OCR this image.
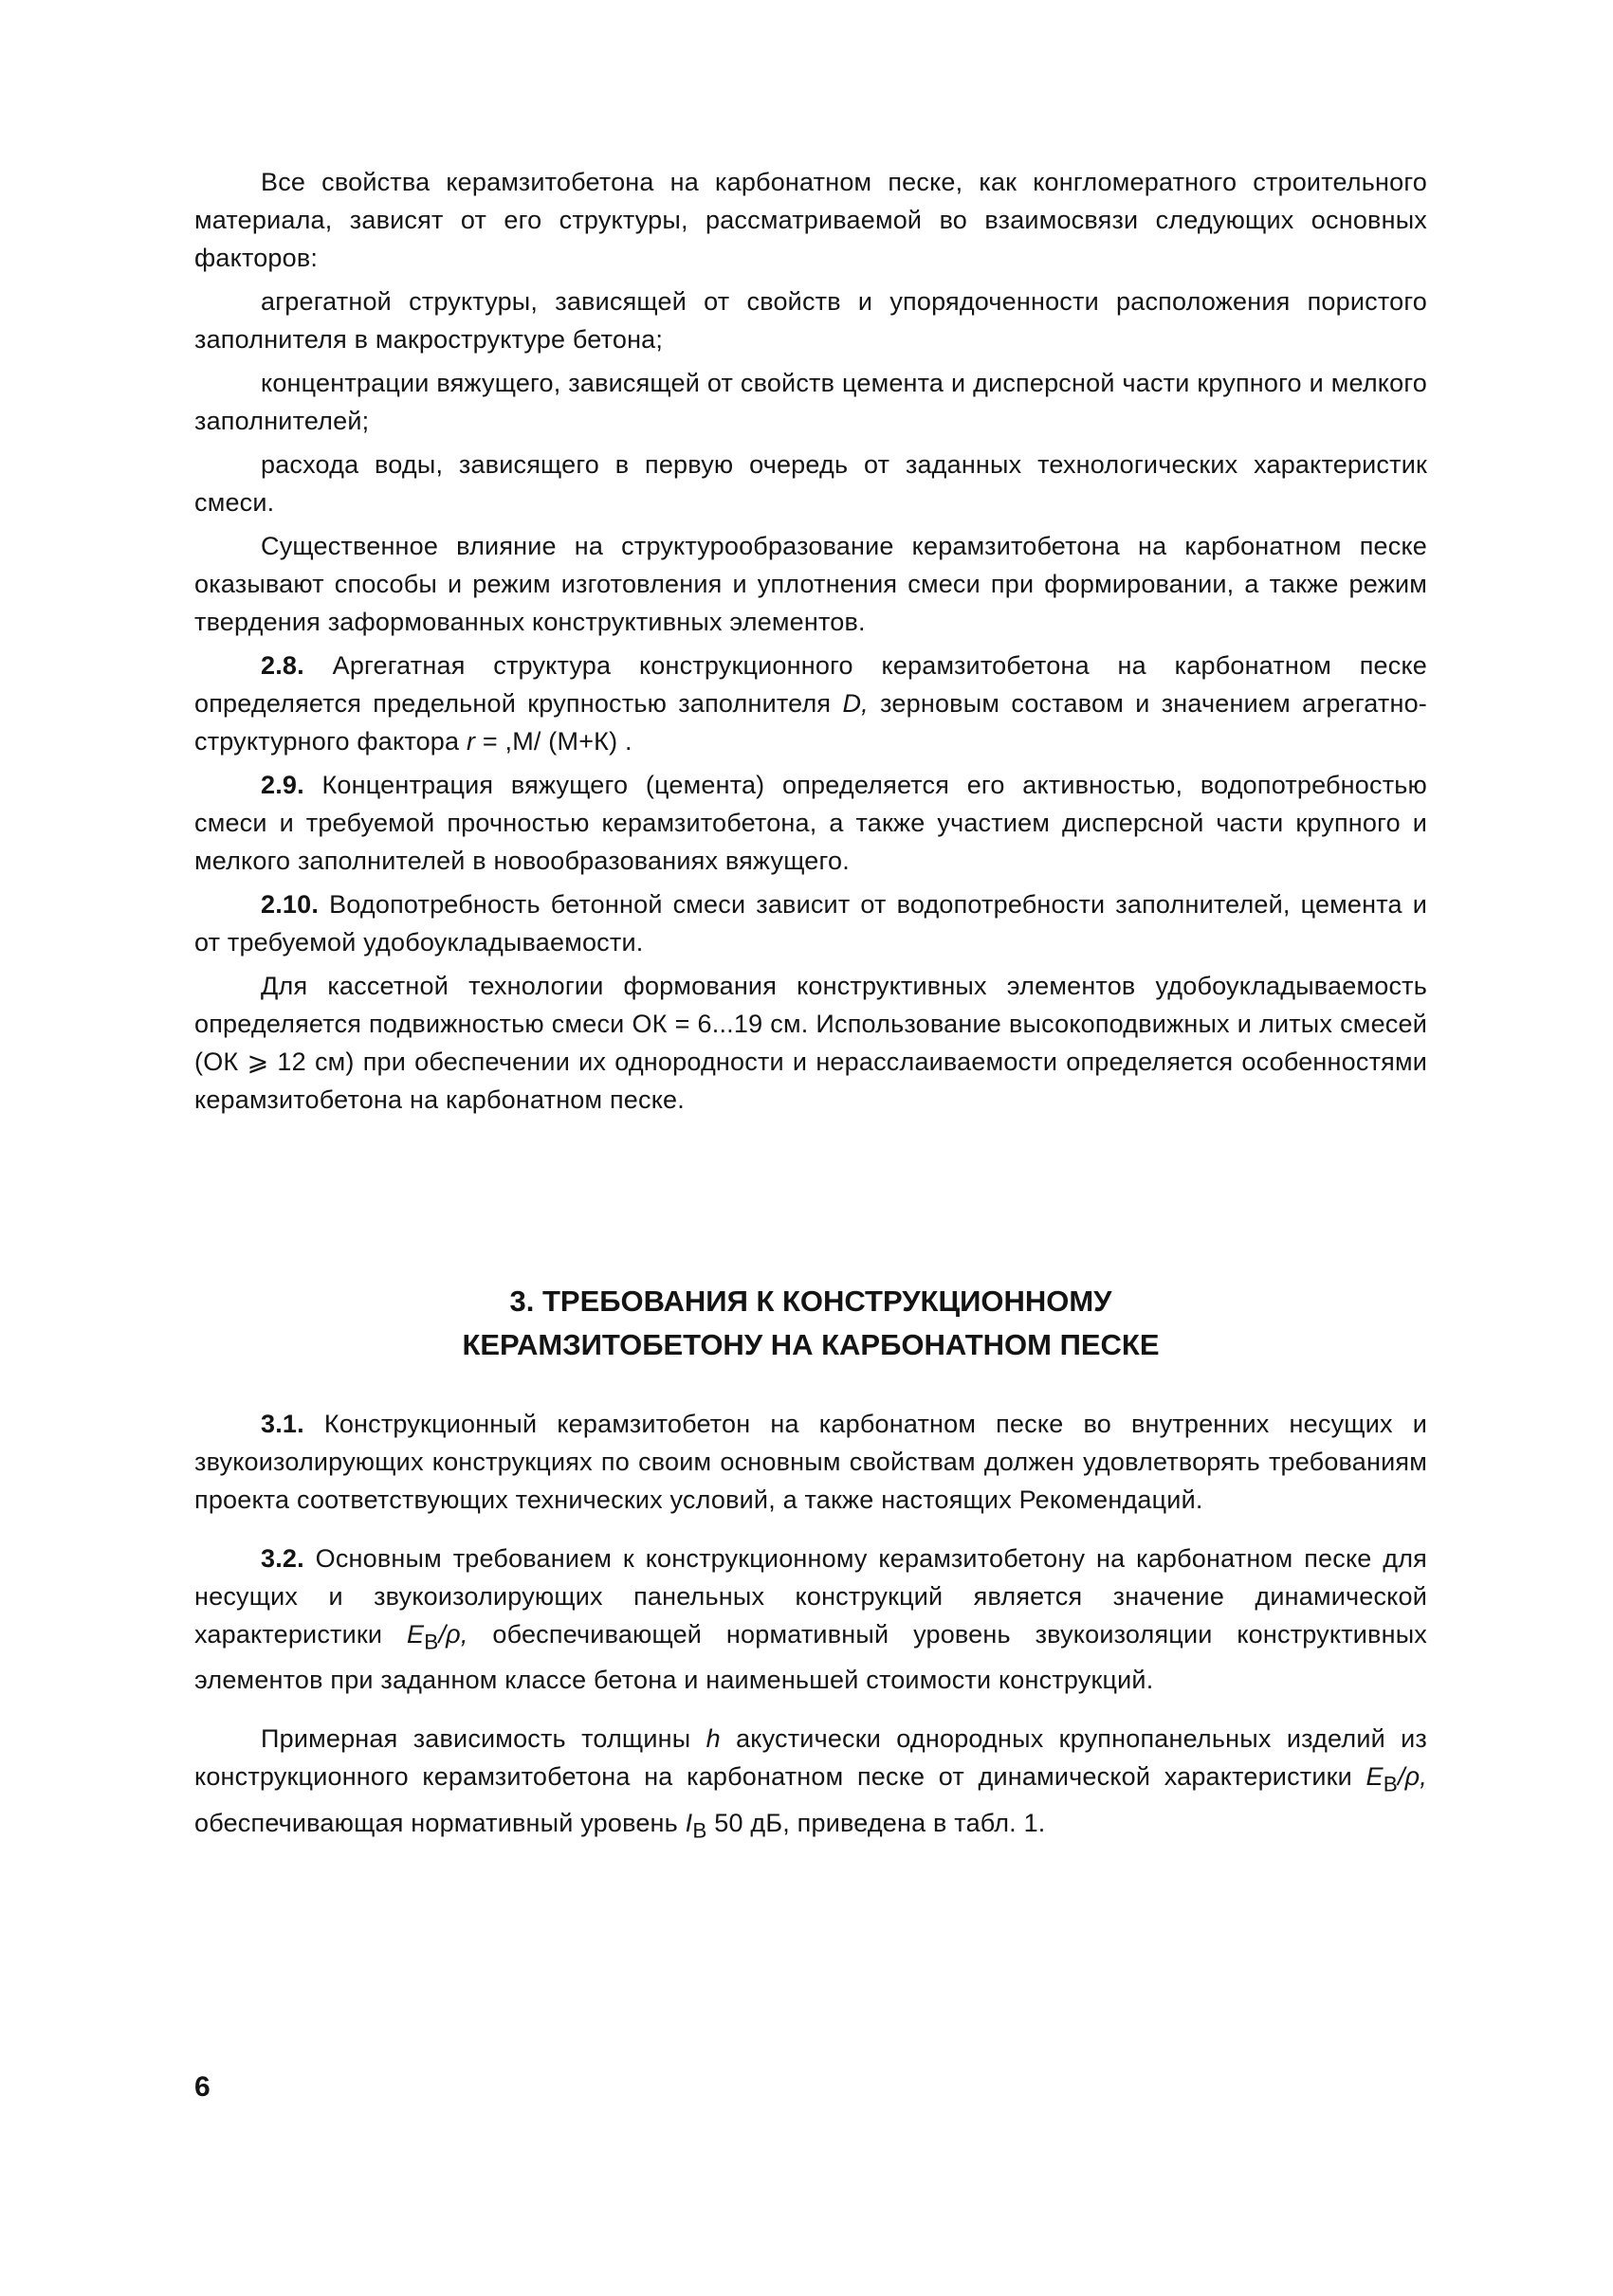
Все свойства керамзитобетона на карбонатном песке, как конгломератного строительного материала, зависят от его структуры, рассматриваемой во взаимосвязи следующих основных факторов:

агрегатной структуры, зависящей от свойств и упорядоченности расположения пористого заполнителя в макроструктуре бетона;

концентрации вяжущего, зависящей от свойств цемента и дисперсной части крупного и мелкого заполнителей;

расхода воды, зависящего в первую очередь от заданных технологических характеристик смеси.

Существенное влияние на структурообразование керамзитобетона на карбонатном песке оказывают способы и режим изготовления и уплотнения смеси при формировании, а также режим твердения заформованных конструктивных элементов.

2.8. Аргегатная структура конструкционного керамзитобетона на карбонатном песке определяется предельной крупностью заполнителя D, зерновым составом и значением агрегатно-структурного фактора r = ,М/ (М+К) .

2.9. Концентрация вяжущего (цемента) определяется его активностью, водопотребностью смеси и требуемой прочностью керамзитобетона, а также участием дисперсной части крупного и мелкого заполнителей в новообразованиях вяжущего.

2.10. Водопотребность бетонной смеси зависит от водопотребности заполнителей, цемента и от требуемой удобоукладываемости.

Для кассетной технологии формования конструктивных элементов удобоукладываемость определяется подвижностью смеси ОК = 6...19 см. Использование высокоподвижных и литых смесей (ОК ⩾ 12 см) при обеспечении их однородности и нерасслаиваемости определяется особенностями керамзитобетона на карбонатном песке.

3. ТРЕБОВАНИЯ К КОНСТРУКЦИОННОМУ
КЕРАМЗИТОБЕТОНУ НА КАРБОНАТНОМ ПЕСКЕ

3.1. Конструкционный керамзитобетон на карбонатном песке во внутренних несущих и звукоизолирующих конструкциях по своим основным свойствам должен удовлетворять требованиям проекта соответствующих технических условий, а также настоящих Рекомендаций.

3.2. Основным требованием к конструкционному керамзитобетону на карбонатном песке для несущих и звукоизолирующих панельных конструкций является значение динамической характеристики $E_B/\rho$, обеспечивающей нормативный уровень звукоизоляции конструктивных элементов при заданном классе бетона и наименьшей стоимости конструкций.

Примерная зависимость толщины h акустически однородных крупнопанельных изделий из конструкционного керамзитобетона на карбонатном песке от динамической характеристики $E_B/\rho$, обеспечивающая нормативный уровень $I_B$ 50 дБ, приведена в табл. 1.

6
